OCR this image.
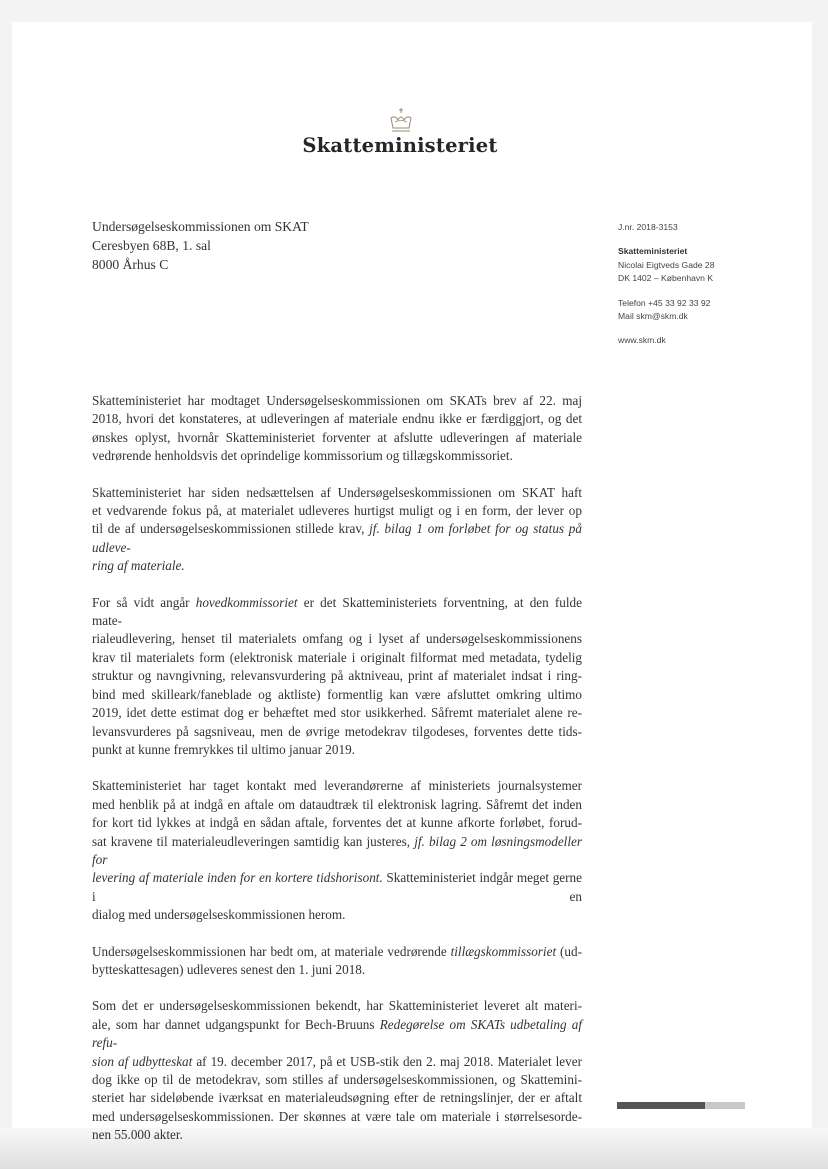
Skatteministeriet
Undersøgelseskommissionen om SKAT
Ceresbyen 68B, 1. sal
8000 Århus C
J.nr. 2018-3153
Skatteministeriet
Nicolai Eigtveds Gade 28
DK 1402 – København K
Telefon +45 33 92 33 92
Mail skm@skm.dk
www.skm.dk
Skatteministeriet har modtaget Undersøgelseskommissionen om SKATs brev af 22. maj
2018, hvori det konstateres, at udleveringen af materiale endnu ikke er færdiggjort, og det
ønskes oplyst, hvornår Skatteministeriet forventer at afslutte udleveringen af materiale
vedrørende henholdsvis det oprindelige kommissorium og tillægskommissoriet.
Skatteministeriet har siden nedsættelsen af Undersøgelseskommissionen om SKAT haft
et vedvarende fokus på, at materialet udleveres hurtigst muligt og i en form, der lever op
til de af undersøgelseskommissionen stillede krav, jf. bilag 1 om forløbet for og status på udleve-
ring af materiale.
For så vidt angår hovedkommissoriet er det Skatteministeriets forventning, at den fulde mate-
rialeudlevering, henset til materialets omfang og i lyset af undersøgelseskommissionens
krav til materialets form (elektronisk materiale i originalt filformat med metadata, tydelig
struktur og navngivning, relevansvurdering på aktniveau, print af materialet indsat i ring-
bind med skilleark/faneblade og aktliste) formentlig kan være afsluttet omkring ultimo
2019, idet dette estimat dog er behæftet med stor usikkerhed. Såfremt materialet alene re-
levansvurderes på sagsniveau, men de øvrige metodekrav tilgodeses, forventes dette tids-
punkt at kunne fremrykkes til ultimo januar 2019.
Skatteministeriet har taget kontakt med leverandørerne af ministeriets journalsystemer
med henblik på at indgå en aftale om dataudtræk til elektronisk lagring. Såfremt det inden
for kort tid lykkes at indgå en sådan aftale, forventes det at kunne afkorte forløbet, forud-
sat kravene til materialeudleveringen samtidig kan justeres, jf. bilag 2 om løsningsmodeller for
levering af materiale inden for en kortere tidshorisont. Skatteministeriet indgår meget gerne i en
dialog med undersøgelseskommissionen herom.
Undersøgelseskommissionen har bedt om, at materiale vedrørende tillægskommissoriet (ud-
bytteskattesagen) udleveres senest den 1. juni 2018.
Som det er undersøgelseskommissionen bekendt, har Skatteministeriet leveret alt materi-
ale, som har dannet udgangspunkt for Bech-Bruuns Redegørelse om SKATs udbetaling af refu-
sion af udbytteskat af 19. december 2017, på et USB-stik den 2. maj 2018. Materialet lever
dog ikke op til de metodekrav, som stilles af undersøgelseskommissionen, og Skattemini-
steriet har sideløbende iværksat en materialeudsøgning efter de retningslinjer, der er aftalt
med undersøgelseskommissionen. Der skønnes at være tale om materiale i størrelsesorde-
nen 55.000 akter.
